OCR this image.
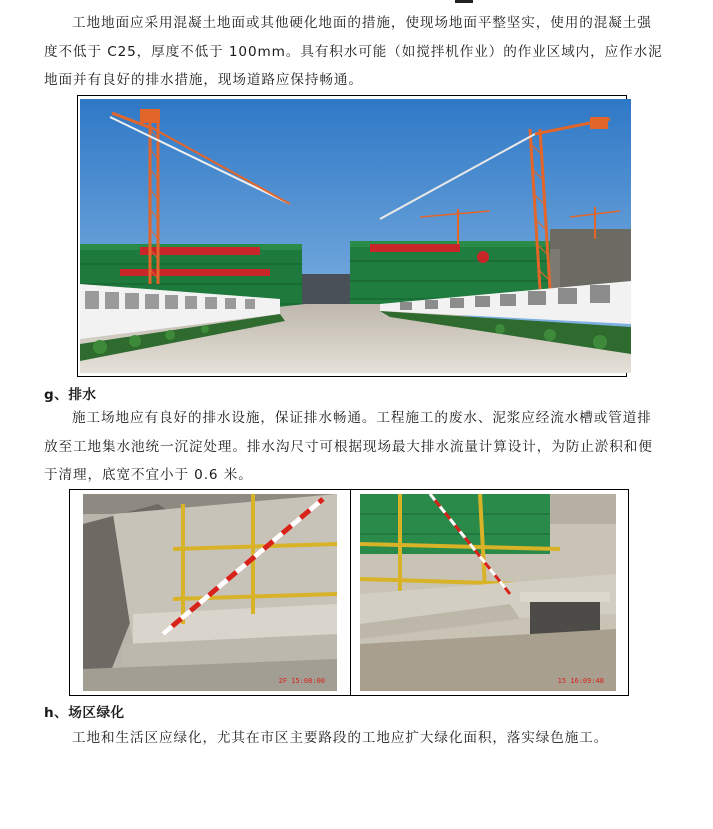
工地地面应采用混凝土地面或其他硬化地面的措施，使现场地面平整坚实，使用的混凝土强度不低于 C25，厚度不低于 100mm。具有积水可能（如搅拌机作业）的作业区域内，应作水泥地面并有良好的排水措施，现场道路应保持畅通。

g、排水

施工场地应有良好的排水设施，保证排水畅通。工程施工的废水、泥浆应经流水槽或管道排放至工地集水池统一沉淀处理。排水沟尺寸可根据现场最大排水流量计算设计，为防止淤积和便于清理，底宽不宜小于 0.6 米。

2F 15:08:00	15 16:09:48

h、场区绿化

工地和生活区应绿化，尤其在市区主要路段的工地应扩大绿化面积，落实绿色施工。
